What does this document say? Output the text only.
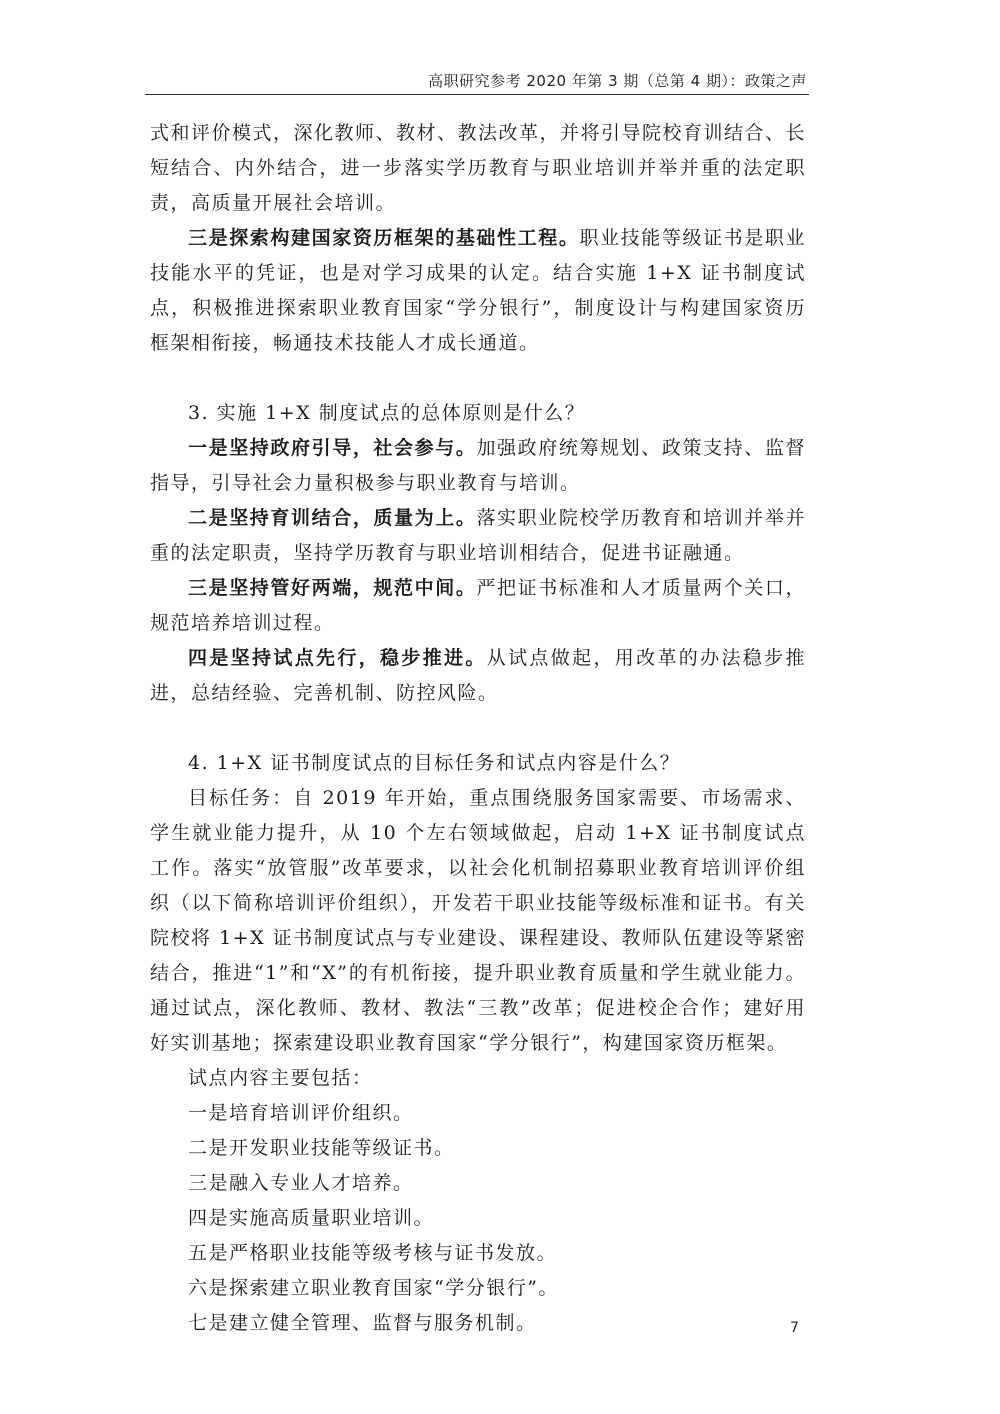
高职研究参考 2020 年第 3 期（总第 4 期）：政策之声

式和评价模式，深化教师、教材、教法改革，并将引导院校育训结合、长短结合、内外结合，进一步落实学历教育与职业培训并举并重的法定职责，高质量开展社会培训。

三是探索构建国家资历框架的基础性工程。职业技能等级证书是职业技能水平的凭证，也是对学习成果的认定。结合实施 1+X 证书制度试点，积极推进探索职业教育国家“学分银行”，制度设计与构建国家资历框架相衔接，畅通技术技能人才成长通道。

3. 实施 1+X 制度试点的总体原则是什么？

一是坚持政府引导，社会参与。加强政府统筹规划、政策支持、监督指导，引导社会力量积极参与职业教育与培训。

二是坚持育训结合，质量为上。落实职业院校学历教育和培训并举并重的法定职责，坚持学历教育与职业培训相结合，促进书证融通。

三是坚持管好两端，规范中间。严把证书标准和人才质量两个关口，规范培养培训过程。

四是坚持试点先行，稳步推进。从试点做起，用改革的办法稳步推进，总结经验、完善机制、防控风险。

4. 1+X 证书制度试点的目标任务和试点内容是什么？

目标任务：自 2019 年开始，重点围绕服务国家需要、市场需求、学生就业能力提升，从 10 个左右领域做起，启动 1+X 证书制度试点工作。落实“放管服”改革要求，以社会化机制招募职业教育培训评价组织（以下简称培训评价组织），开发若干职业技能等级标准和证书。有关院校将 1+X 证书制度试点与专业建设、课程建设、教师队伍建设等紧密结合，推进“1”和“X”的有机衔接，提升职业教育质量和学生就业能力。通过试点，深化教师、教材、教法“三教”改革；促进校企合作；建好用好实训基地；探索建设职业教育国家“学分银行”，构建国家资历框架。

试点内容主要包括：

一是培育培训评价组织。

二是开发职业技能等级证书。

三是融入专业人才培养。

四是实施高质量职业培训。

五是严格职业技能等级考核与证书发放。

六是探索建立职业教育国家“学分银行”。

七是建立健全管理、监督与服务机制。	7
